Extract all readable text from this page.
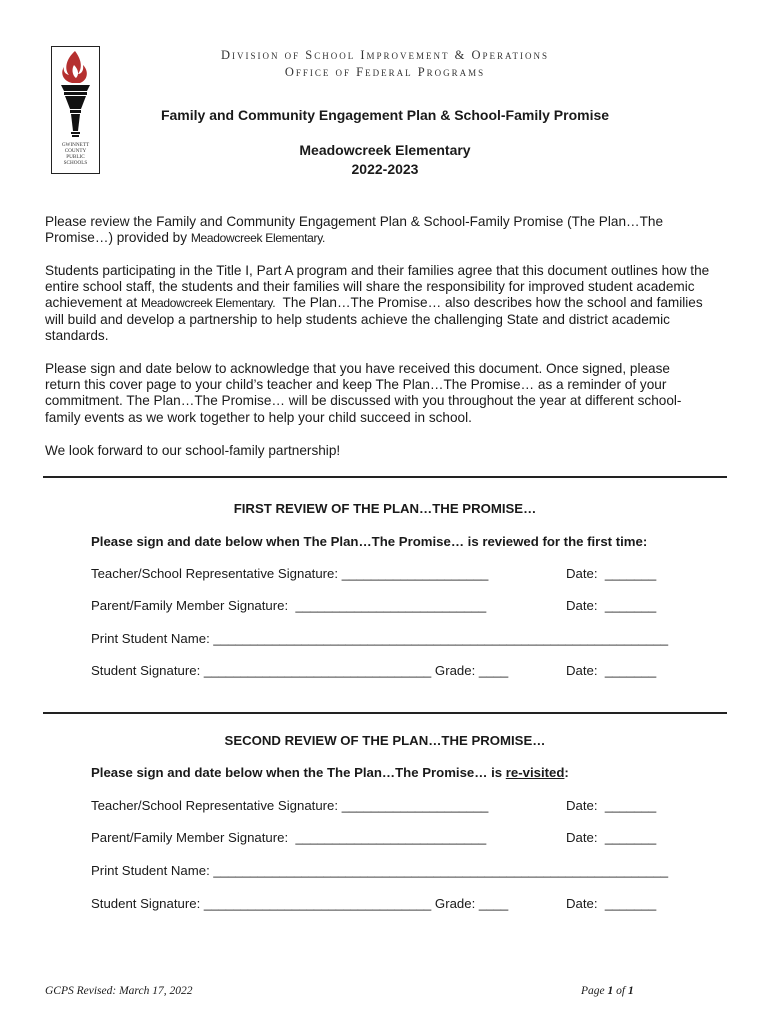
GWINNETT
COUNTY
PUBLIC
SCHOOLS
Division of School Improvement & Operations
Office of Federal Programs
Family and Community Engagement Plan & School-Family Promise
Meadowcreek Elementary
2022-2023
Please review the Family and Community Engagement Plan & School-Family Promise (The Plan…The
Promise…) provided by Meadowcreek Elementary.
Students participating in the Title I, Part A program and their families agree that this document outlines how the
entire school staff, the students and their families will share the responsibility for improved student academic
achievement at Meadowcreek Elementary.  The Plan…The Promise… also describes how the school and families
will build and develop a partnership to help students achieve the challenging State and district academic
standards.
Please sign and date below to acknowledge that you have received this document. Once signed, please
return this cover page to your child’s teacher and keep The Plan…The Promise… as a reminder of your
commitment. The Plan…The Promise… will be discussed with you throughout the year at different school-
family events as we work together to help your child succeed in school.
We look forward to our school-family partnership!
FIRST REVIEW OF THE PLAN…THE PROMISE…
Please sign and date below when The Plan…The Promise… is reviewed for the first time:
Teacher/School Representative Signature: ____________________	Date:  _______
Parent/Family Member Signature:  __________________________	Date:  _______
Print Student Name: ______________________________________________________________
Student Signature: _______________________________ Grade: ____	Date:  _______
SECOND REVIEW OF THE PLAN…THE PROMISE…
Please sign and date below when the The Plan…The Promise… is re-visited:
Teacher/School Representative Signature: ____________________	Date:  _______
Parent/Family Member Signature:  __________________________	Date:  _______
Print Student Name: ______________________________________________________________
Student Signature: _______________________________ Grade: ____	Date:  _______
GCPS Revised: March 17, 2022	Page 1 of 1
